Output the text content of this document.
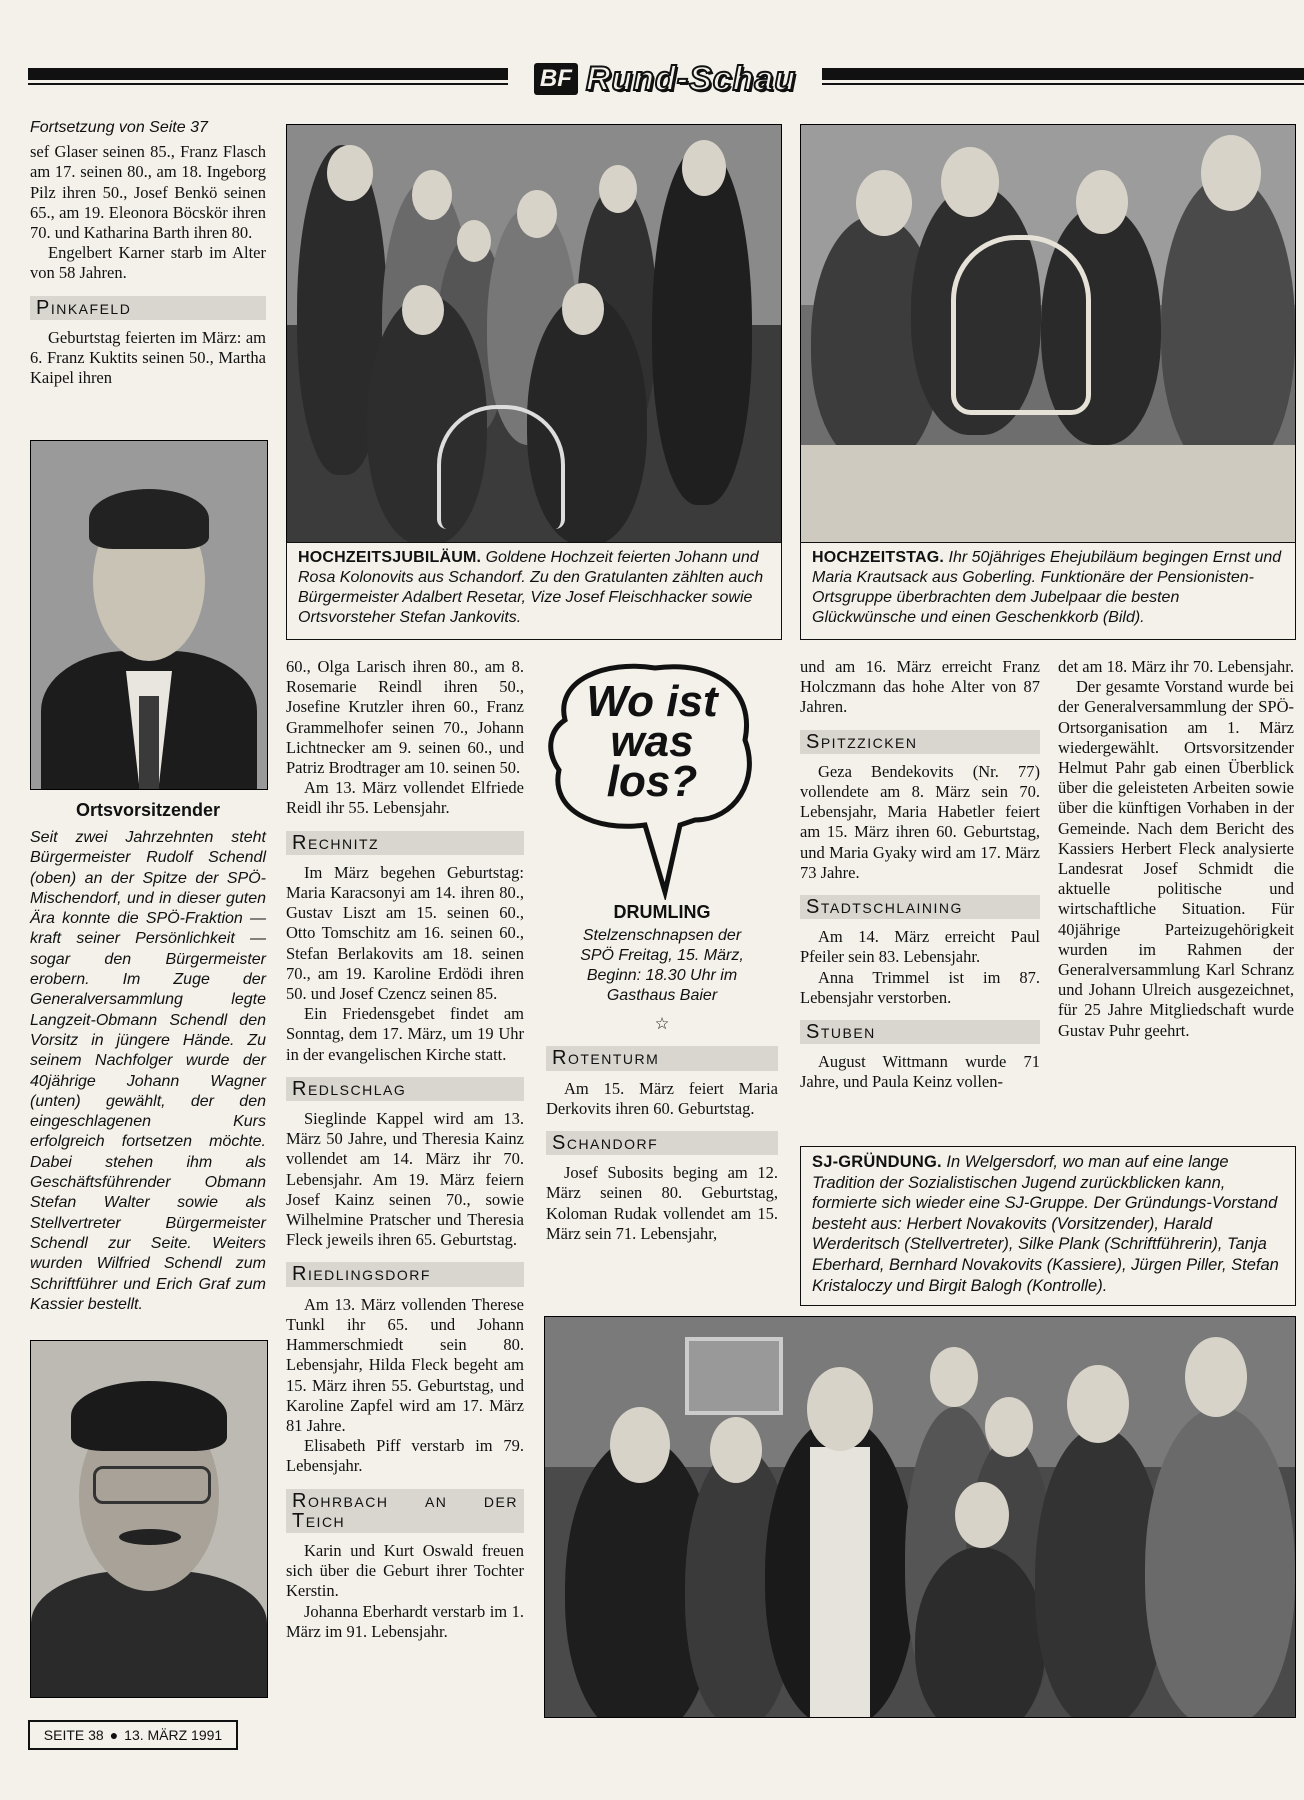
BF Rund-Schau

Fortsetzung von Seite 37

sef Glaser seinen 85., Franz Flasch am 17. seinen 80., am 18. Ingeborg Pilz ihren 50., Josef Benkö seinen 65., am 19. Eleonora Böcskör ihren 70. und Katharina Barth ihren 80.

Engelbert Karner starb im Alter von 58 Jahren.

Pinkafeld

Geburtstag feierten im März: am 6. Franz Kuktits seinen 50., Martha Kaipel ihren

Ortsvorsitzender
Seit zwei Jahrzehnten steht Bürgermeister Rudolf Schendl (oben) an der Spitze der SPÖ-Mischendorf, und in dieser guten Ära konnte die SPÖ-Fraktion — kraft seiner Persönlichkeit — sogar den Bürgermeister erobern. Im Zuge der Generalversammlung legte Langzeit-Obmann Schendl den Vorsitz in jüngere Hände. Zu seinem Nachfolger wurde der 40jährige Johann Wagner (unten) gewählt, der den eingeschlagenen Kurs erfolgreich fortsetzen möchte. Dabei stehen ihm als Geschäftsführender Obmann Stefan Walter sowie als Stellvertreter Bürgermeister Schendl zur Seite. Weiters wurden Wilfried Schendl zum Schriftführer und Erich Graf zum Kassier bestellt.
SEITE 38 ● 13. MÄRZ 1991
HOCHZEITSJUBILÄUM. Goldene Hochzeit feierten Johann und Rosa Kolonovits aus Schandorf. Zu den Gratulanten zählten auch Bürgermeister Adalbert Resetar, Vize Josef Fleischhacker sowie Ortsvorsteher Stefan Jankovits.
HOCHZEITSTAG. Ihr 50jähriges Ehejubiläum begingen Ernst und Maria Krautsack aus Goberling. Funktionäre der Pensionisten-Ortsgruppe überbrachten dem Jubelpaar die besten Glückwünsche und einen Geschenkkorb (Bild).

60., Olga Larisch ihren 80., am 8. Rosemarie Reindl ihren 50., Josefine Krutzler ihren 60., Franz Grammelhofer seinen 70., Johann Lichtnecker am 9. seinen 60., und Patriz Brodtrager am 10. seinen 50.

Am 13. März vollendet Elfriede Reidl ihr 55. Lebensjahr.

Rechnitz

Im März begehen Geburtstag: Maria Karacsonyi am 14. ihren 80., Gustav Liszt am 15. seinen 60., Otto Tomschitz am 16. seinen 60., Stefan Berlakovits am 18. seinen 70., am 19. Karoline Erdödi ihren 50. und Josef Czencz seinen 85.

Ein Friedensgebet findet am Sonntag, dem 17. März, um 19 Uhr in der evangelischen Kirche statt.

Redlschlag

Sieglinde Kappel wird am 13. März 50 Jahre, und Theresia Kainz vollendet am 14. März ihr 70. Lebensjahr. Am 19. März feiern Josef Kainz seinen 70., sowie Wilhelmine Pratscher und Theresia Fleck jeweils ihren 65. Geburtstag.

Riedlingsdorf

Am 13. März vollenden Therese Tunkl ihr 65. und Johann Hammerschmiedt sein 80. Lebensjahr, Hilda Fleck begeht am 15. März ihren 55. Geburtstag, und Karoline Zapfel wird am 17. März 81 Jahre.

Elisabeth Piff verstarb im 79. Lebensjahr.

Rohrbach an der Teich

Karin und Kurt Oswald freuen sich über die Geburt ihrer Tochter Kerstin.

Johanna Eberhardt verstarb im 1. März im 91. Lebensjahr.

Wo ist was los?
DRUMLING
Stelzenschnapsen der SPÖ Freitag, 15. März, Beginn: 18.30 Uhr im Gasthaus Baier
☆
Rotenturm

Am 15. März feiert Maria Derkovits ihren 60. Geburtstag.

Schandorf

Josef Subosits beging am 12. März seinen 80. Geburtstag, Koloman Rudak vollendet am 15. März sein 71. Lebensjahr,

und am 16. März erreicht Franz Holczmann das hohe Alter von 87 Jahren.

Spitzzicken

Geza Bendekovits (Nr. 77) vollendete am 8. März sein 70. Lebensjahr, Maria Habetler feiert am 15. März ihren 60. Geburtstag, und Maria Gyaky wird am 17. März 73 Jahre.

Stadtschlaining

Am 14. März erreicht Paul Pfeiler sein 83. Lebensjahr.

Anna Trimmel ist im 87. Lebensjahr verstorben.

Stuben

August Wittmann wurde 71 Jahre, und Paula Keinz vollen-

det am 18. März ihr 70. Lebensjahr.

Der gesamte Vorstand wurde bei der Generalversammlung der SPÖ-Ortsorganisation am 1. März wiedergewählt. Ortsvorsitzender Helmut Pahr gab einen Überblick über die geleisteten Arbeiten sowie über die künftigen Vorhaben in der Gemeinde. Nach dem Bericht des Kassiers Herbert Fleck analysierte Landesrat Josef Schmidt die aktuelle politische und wirtschaftliche Situation. Für 40jährige Parteizugehörigkeit wurden im Rahmen der Generalversammlung Karl Schranz und Johann Ulreich ausgezeichnet, für 25 Jahre Mitgliedschaft wurde Gustav Puhr geehrt.

SJ-GRÜNDUNG. In Welgersdorf, wo man auf eine lange Tradition der Sozialistischen Jugend zurückblicken kann, formierte sich wieder eine SJ-Gruppe. Der Gründungs-Vorstand besteht aus: Herbert Novakovits (Vorsitzender), Harald Werderitsch (Stellvertreter), Silke Plank (Schriftführerin), Tanja Eberhard, Bernhard Novakovits (Kassiere), Jürgen Piller, Stefan Kristaloczy und Birgit Balogh (Kontrolle).
